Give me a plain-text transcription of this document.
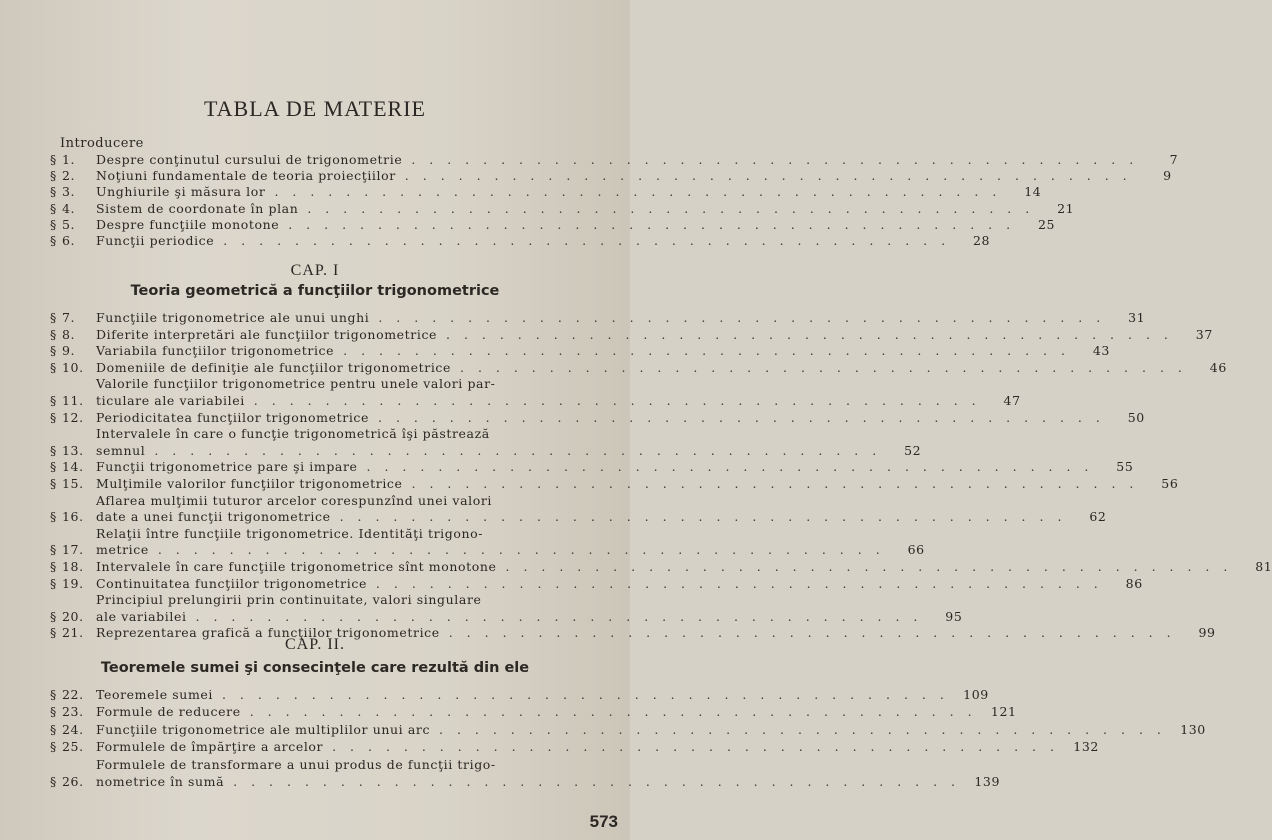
TABLA DE MATERIE
Introducere
§ 1.	Despre conţinutul cursului de trigonometrie . . . . . . . . . . . . . . . . . . . . . . . . . . . . . . . . . . . . . . . . .	7
§ 2.	Noţiuni fundamentale de teoria proiecţiilor . . . . . . . . . . . . . . . . . . . . . . . . . . . . . . . . . . . . . . . . .	9
§ 3.	Unghiurile şi măsura lor . . . . . . . . . . . . . . . . . . . . . . . . . . . . . . . . . . . . . . . . .	14
§ 4.	Sistem de coordonate în plan . . . . . . . . . . . . . . . . . . . . . . . . . . . . . . . . . . . . . . . . .	21
§ 5.	Despre funcţiile monotone . . . . . . . . . . . . . . . . . . . . . . . . . . . . . . . . . . . . . . . . .	25
§ 6.	Funcţii periodice . . . . . . . . . . . . . . . . . . . . . . . . . . . . . . . . . . . . . . . . .	28
CAP. I
Teoria geometrică a funcţiilor trigonometrice
§ 7.	Funcţiile trigonometrice ale unui unghi . . . . . . . . . . . . . . . . . . . . . . . . . . . . . . . . . . . . . . . . .	31
§ 8.	Diferite interpretări ale funcţiilor trigonometrice . . . . . . . . . . . . . . . . . . . . . . . . . . . . . . . . . . . . . . . . .	37
§ 9.	Variabila funcţiilor trigonometrice . . . . . . . . . . . . . . . . . . . . . . . . . . . . . . . . . . . . . . . . .	43
§ 10. Domeniile de definiţie ale funcţiilor trigonometrice . . . . . . . . . . . . . . . . . . . . . . . . . . . . . . . . . . . . . . . . .	46
§ 11.
Valorile funcţiilor trigonometrice pentru unele valori par-
ticulare ale variabilei . . . . . . . . . . . . . . . . . . . . . . . . . . . . . . . . . . . . . . . . .	47
§ 12. Periodicitatea funcţiilor trigonometrice . . . . . . . . . . . . . . . . . . . . . . . . . . . . . . . . . . . . . . . . .	50
§ 13.
Intervalele în care o funcţie trigonometrică îşi păstrează
semnul . . . . . . . . . . . . . . . . . . . . . . . . . . . . . . . . . . . . . . . . .	52
§ 14. Funcţii trigonometrice pare şi impare . . . . . . . . . . . . . . . . . . . . . . . . . . . . . . . . . . . . . . . . .	55
§ 15. Mulţimile valorilor funcţiilor trigonometrice . . . . . . . . . . . . . . . . . . . . . . . . . . . . . . . . . . . . . . . . .	56
§ 16.
Aflarea mulţimii tuturor arcelor corespunzînd unei valori
date a unei funcţii trigonometrice . . . . . . . . . . . . . . . . . . . . . . . . . . . . . . . . . . . . . . . . .	62
§ 17.
Relaţii între funcţiile trigonometrice. Identităţi trigono-
metrice . . . . . . . . . . . . . . . . . . . . . . . . . . . . . . . . . . . . . . . . .	66
§ 18. Intervalele în care funcţiile trigonometrice sînt monotone . . . . . . . . . . . . . . . . . . . . . . . . . . . . . . . . . . . . . . . . .	81
§ 19. Continuitatea funcţiilor trigonometrice . . . . . . . . . . . . . . . . . . . . . . . . . . . . . . . . . . . . . . . . .	86
§ 20.
Principiul prelungirii prin continuitate, valori singulare
ale variabilei . . . . . . . . . . . . . . . . . . . . . . . . . . . . . . . . . . . . . . . . .	95
§ 21. Reprezentarea grafică a funcţiilor trigonometrice . . . . . . . . . . . . . . . . . . . . . . . . . . . . . . . . . . . . . . . . .	99
CAP. II.
Teoremele sumei şi consecinţele care rezultă din ele
§ 22. Teoremele sumei . . . . . . . . . . . . . . . . . . . . . . . . . . . . . . . . . . . . . . . . .	109
§ 23. Formule de reducere . . . . . . . . . . . . . . . . . . . . . . . . . . . . . . . . . . . . . . . . .	121
§ 24. Funcţiile trigonometrice ale multiplilor unui arc . . . . . . . . . . . . . . . . . . . . . . . . . . . . . . . . . . . . . . . . .	130
§ 25. Formulele de împărţire a arcelor . . . . . . . . . . . . . . . . . . . . . . . . . . . . . . . . . . . . . . . . .	132
§ 26.
Formulele de transformare a unui produs de funcţii trigo-
nometrice în sumă . . . . . . . . . . . . . . . . . . . . . . . . . . . . . . . . . . . . . . . . .	139
573
